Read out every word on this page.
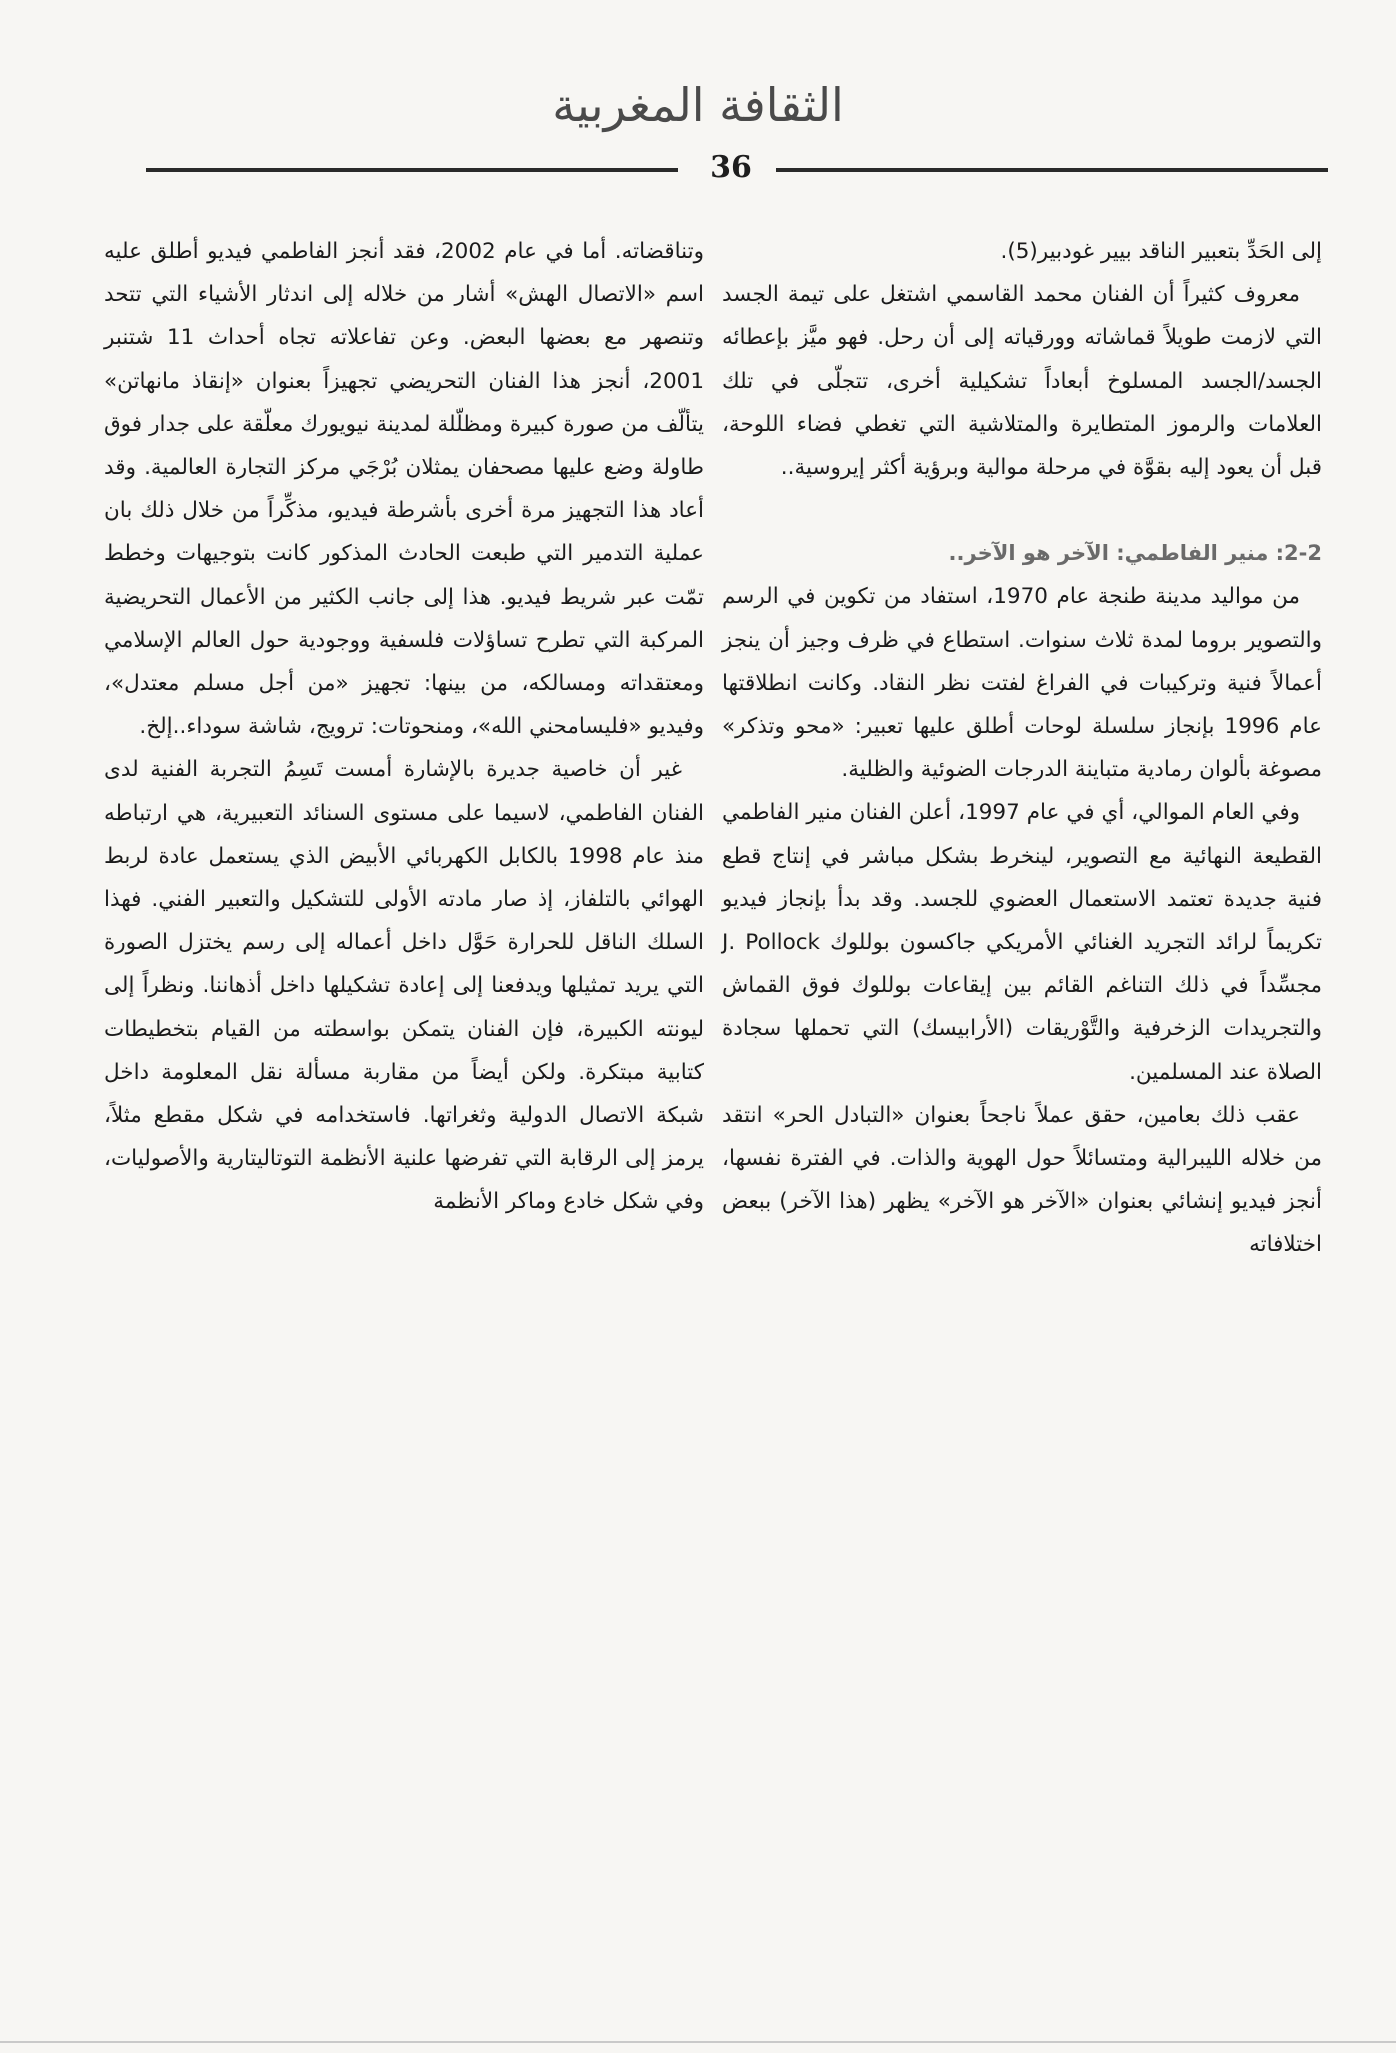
الثقافة المغربية
36

إلى الحَدِّ بتعبير الناقد بيير غودبير(5).

معروف كثيراً أن الفنان محمد القاسمي اشتغل على تيمة الجسد التي لازمت طويلاً قماشاته وورقياته إلى أن رحل. فهو ميَّز بإعطائه الجسد/الجسد المسلوخ أبعاداً تشكيلية أخرى، تتجلّى في تلك العلامات والرموز المتطايرة والمتلاشية التي تغطي فضاء اللوحة، قبل أن يعود إليه بقوَّة في مرحلة موالية وبرؤية أكثر إيروسية..

2-2: منير الفاطمي: الآخر هو الآخر..

من مواليد مدينة طنجة عام 1970، استفاد من تكوين في الرسم والتصوير بروما لمدة ثلاث سنوات. استطاع في ظرف وجيز أن ينجز أعمالاً فنية وتركيبات في الفراغ لفتت نظر النقاد. وكانت انطلاقتها عام 1996 بإنجاز سلسلة لوحات أطلق عليها تعبير: «محو وتذكر» مصوغة بألوان رمادية متباينة الدرجات الضوئية والظلية.

وفي العام الموالي، أي في عام 1997، أعلن الفنان منير الفاطمي القطيعة النهائية مع التصوير، لينخرط بشكل مباشر في إنتاج قطع فنية جديدة تعتمد الاستعمال العضوي للجسد. وقد بدأ بإنجاز فيديو تكريماً لرائد التجريد الغنائي الأمريكي جاكسون بوللوك J. Pollock مجسِّداً في ذلك التناغم القائم بين إيقاعات بوللوك فوق القماش والتجريدات الزخرفية والتَّوْريقات (الأرابيسك) التي تحملها سجادة الصلاة عند المسلمين.

عقب ذلك بعامين، حقق عملاً ناجحاً بعنوان «التبادل الحر» انتقد من خلاله الليبرالية ومتسائلاً حول الهوية والذات. في الفترة نفسها، أنجز فيديو إنشائي بعنوان «الآخر هو الآخر» يظهر (هذا الآخر) ببعض اختلافاته

وتناقضاته. أما في عام 2002، فقد أنجز الفاطمي فيديو أطلق عليه اسم «الاتصال الهش» أشار من خلاله إلى اندثار الأشياء التي تتحد وتنصهر مع بعضها البعض. وعن تفاعلاته تجاه أحداث 11 شتنبر 2001، أنجز هذا الفنان التحريضي تجهيزاً بعنوان «إنقاذ مانهاتن» يتألّف من صورة كبيرة ومظلّلة لمدينة نيويورك معلّقة على جدار فوق طاولة وضع عليها مصحفان يمثلان بُرْجَي مركز التجارة العالمية. وقد أعاد هذا التجهيز مرة أخرى بأشرطة فيديو، مذكِّراً من خلال ذلك بان عملية التدمير التي طبعت الحادث المذكور كانت بتوجيهات وخطط تمّت عبر شريط فيديو. هذا إلى جانب الكثير من الأعمال التحريضية المركبة التي تطرح تساؤلات فلسفية ووجودية حول العالم الإسلامي ومعتقداته ومسالكه، من بينها: تجهيز «من أجل مسلم معتدل»، وفيديو «فليسامحني الله»، ومنحوتات: ترويج، شاشة سوداء..إلخ.

غير أن خاصية جديرة بالإشارة أمست تَسِمُ التجربة الفنية لدى الفنان الفاطمي، لاسيما على مستوى السنائد التعبيرية، هي ارتباطه منذ عام 1998 بالكابل الكهربائي الأبيض الذي يستعمل عادة لربط الهوائي بالتلفاز، إذ صار مادته الأولى للتشكيل والتعبير الفني. فهذا السلك الناقل للحرارة حَوَّل داخل أعماله إلى رسم يختزل الصورة التي يريد تمثيلها ويدفعنا إلى إعادة تشكيلها داخل أذهاننا. ونظراً إلى ليونته الكبيرة، فإن الفنان يتمكن بواسطته من القيام بتخطيطات كتابية مبتكرة. ولكن أيضاً من مقاربة مسألة نقل المعلومة داخل شبكة الاتصال الدولية وثغراتها. فاستخدامه في شكل مقطع مثلاً، يرمز إلى الرقابة التي تفرضها علنية الأنظمة التوتاليتارية والأصوليات، وفي شكل خادع وماكر الأنظمة
